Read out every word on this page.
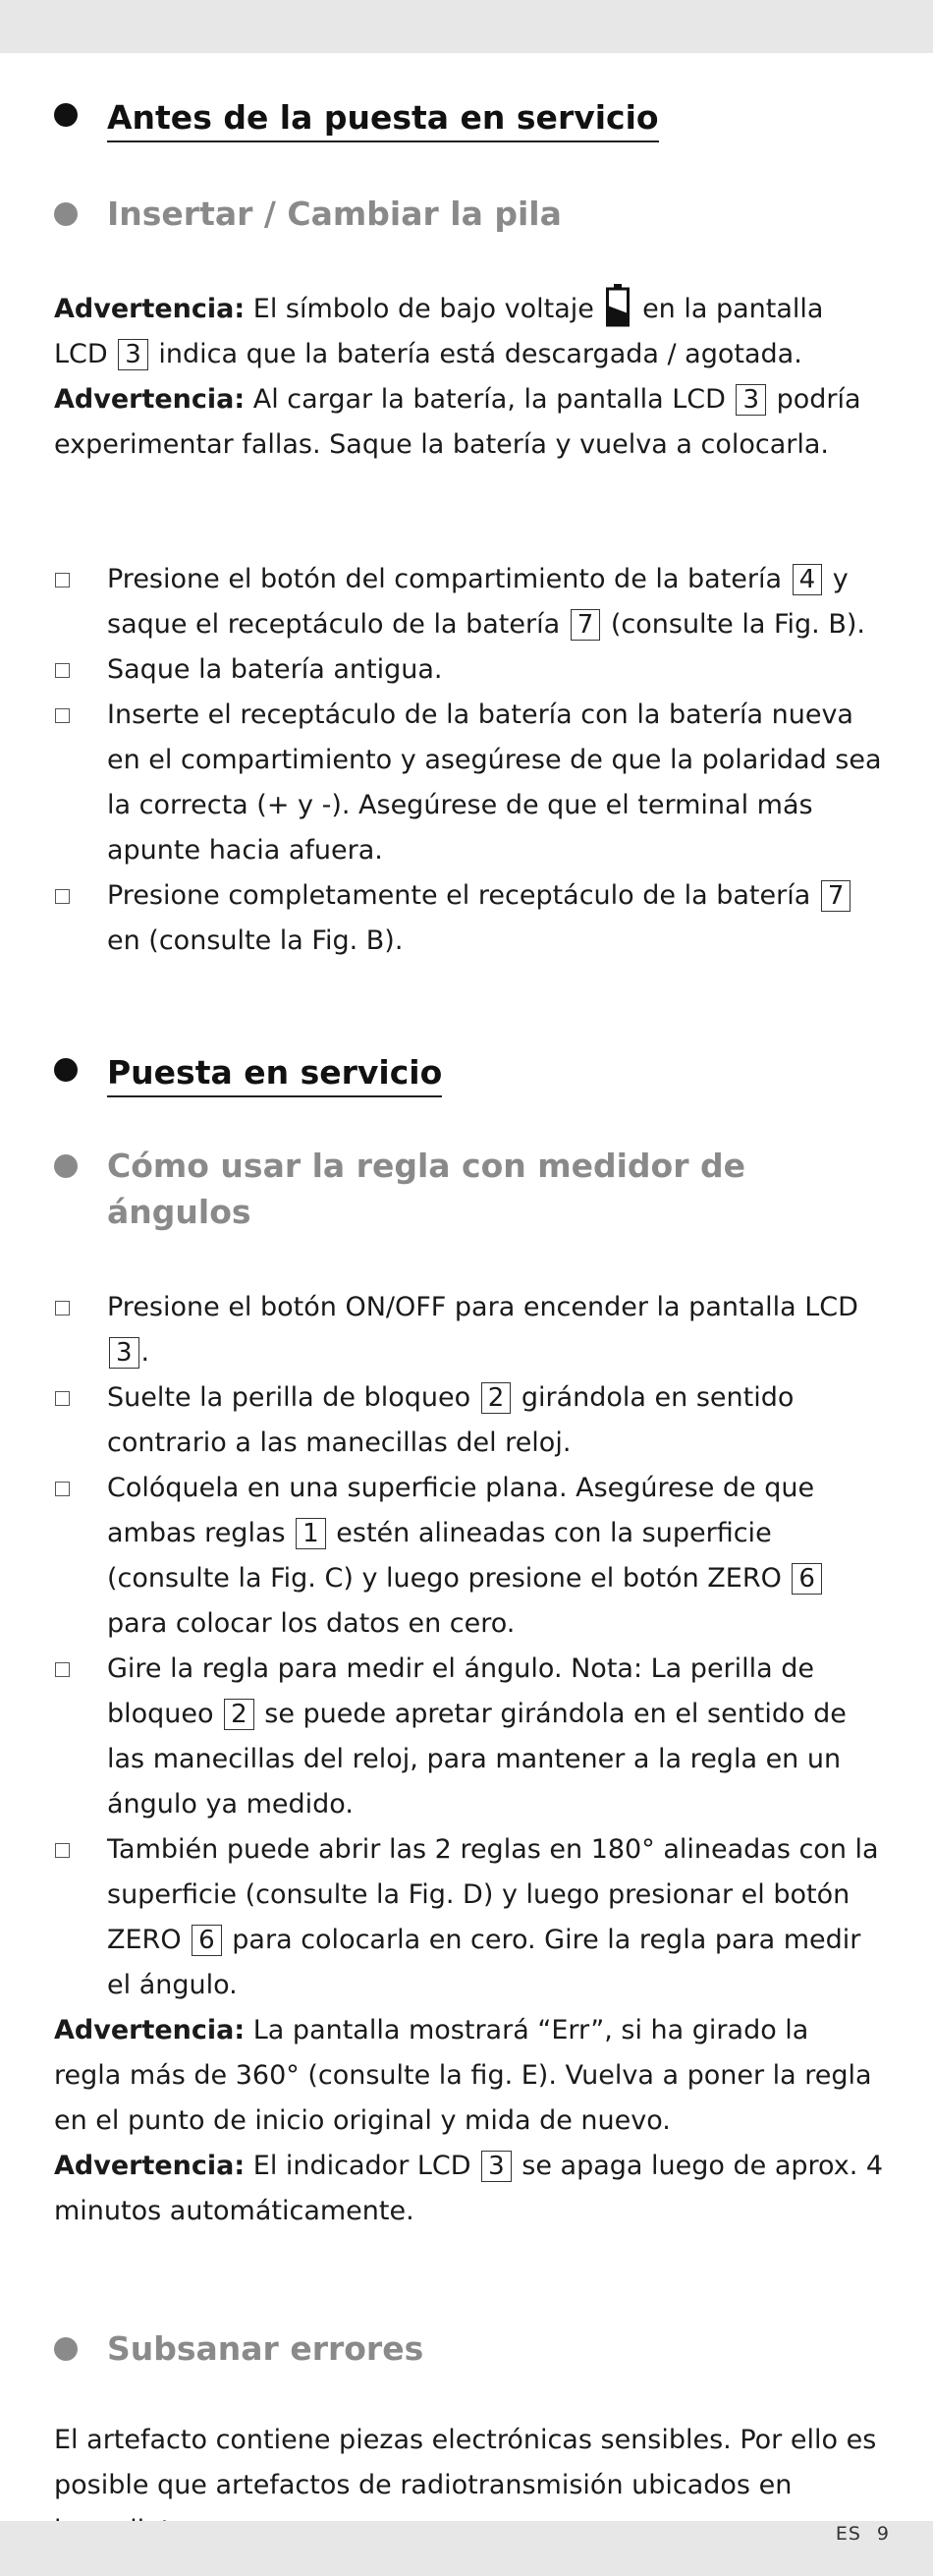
Antes de la puesta en servicio
Insertar / Cambiar la pila
Advertencia: El símbolo de bajo voltaje  en la pantalla LCD 3 indica que la batería está descargada / agotada.
Advertencia: Al cargar la batería, la pantalla LCD 3 podría experimentar fallas. Saque la batería y vuelva a colocarla.
Presione el botón del compartimiento de la batería 4 y saque el receptáculo de la batería 7 (consulte la Fig. B).
Saque la batería antigua.
Inserte el receptáculo de la batería con la batería nueva en el compartimiento y asegúrese de que la polaridad sea la correcta (+ y -). Asegúrese de que el terminal más apunte hacia afuera.
Presione completamente el receptáculo de la batería 7 en (consulte la Fig. B).
Puesta en servicio
Cómo usar la regla con medidor de ángulos
Presione el botón ON/OFF para encender la pantalla LCD 3 .
Suelte la perilla de bloqueo 2 girándola en sentido contrario a las manecillas del reloj.
Colóquela en una superficie plana. Asegúrese de que ambas reglas 1 estén alineadas con la superficie (consulte la Fig. C) y luego presione el botón ZERO 6 para colocar los datos en cero.
Gire la regla para medir el ángulo. Nota: La perilla de bloqueo 2 se puede apretar girándola en el sentido de las manecillas del reloj, para mantener a la regla en un ángulo ya medido.
También puede abrir las 2 reglas en 180° alineadas con la superficie (consulte la Fig. D) y luego presionar el botón ZERO 6 para colocarla en cero. Gire la regla para medir el ángulo.
Advertencia: La pantalla mostrará “Err”, si ha girado la regla más de 360° (consulte la fig. E). Vuelva a poner la regla en el punto de inicio original y mida de nuevo.
Advertencia: El indicador LCD 3 se apaga luego de aprox. 4 minutos automáticamente.
Subsanar errores
El artefacto contiene piezas electrónicas sensibles. Por ello es posible que artefactos de radiotransmisión ubicados en
ES 9
